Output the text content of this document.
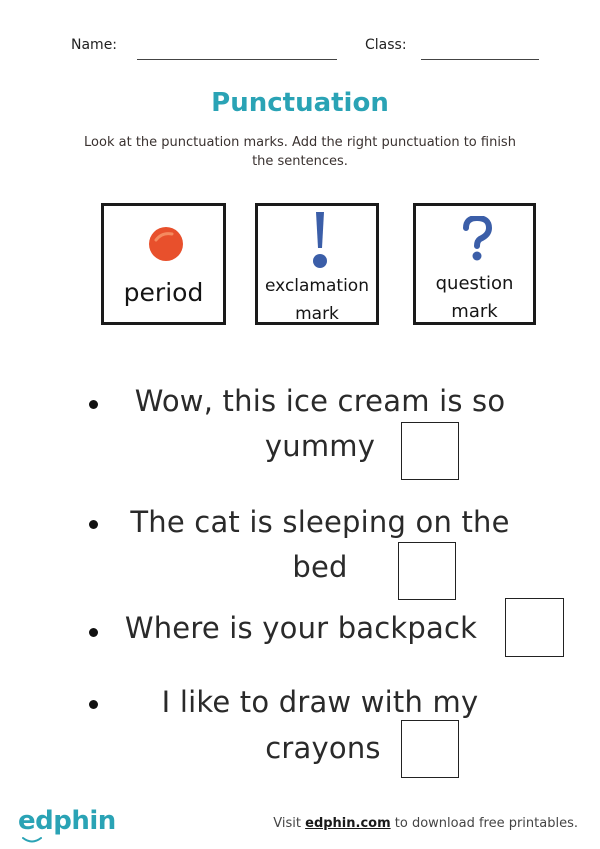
Name:	Class:
Punctuation
Look at the punctuation marks. Add the right punctuation to finish
the sentences.
period	exclamation
mark
question
mark
Wow, this ice cream is so
yummy
The cat is sleeping on the
bed
Where is your backpack
I like to draw with my
crayons
edphin	Visit edphin.com to download free printables.
